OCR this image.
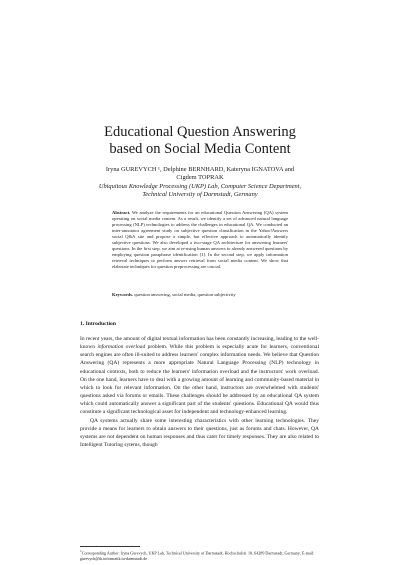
Educational Question Answering
based on Social Media Content
Iryna GUREVYCH ¹, Delphine BERNHARD, Kateryna IGNATOVA and
Cigdem TOPRAK
Ubiquitous Knowledge Processing (UKP) Lab, Computer Science Department,
Technical University of Darmstadt, Germany
Abstract. We analyze the requirements for an educational Question Answering (QA) system operating on social media content. As a result, we identify a set of advanced natural language processing (NLP) technologies to address the challenges in educational QA. We conducted an inter-annotator agreement study on subjective question classification in the Yahoo!Answers social Q&A site and propose a simple, but effective approach to automatically identify subjective questions. We also developed a two-stage QA architecture for answering learners' questions. In the first step, we aim at re-using human answers to already answered questions by employing question paraphrase identification [1]. In the second step, we apply information retrieval techniques to perform answer retrieval from social media content. We show that elaborate techniques for question preprocessing are crucial.
Keywords. question answering, social media, question subjectivity
1. Introduction

In recent years, the amount of digital textual information has been constantly increasing, leading to the well-known information overload problem. While this problem is especially acute for learners, conventional search engines are often ill-suited to address learners' complex information needs. We believe that Question Answering (QA) represents a more appropriate Natural Language Processing (NLP) technology in educational contexts, both to reduce the learners' information overload and the instructors' work overload. On the one hand, learners have to deal with a growing amount of learning and community-based material in which to look for relevant information. On the other hand, instructors are overwhelmed with students' questions asked via forums or emails. These challenges should be addressed by an educational QA system which could automatically answer a significant part of the students' questions. Educational QA would thus constitute a significant technological asset for independent and technology-enhanced learning.

QA systems actually share some interesting characteristics with other learning technologies. They provide a means for learners to obtain answers to their questions, just as forums and chats. However, QA systems are not dependent on human responses and thus cater for timely responses. They are also related to Intelligent Tutoring sytems, though

1Corresponding Author: Iryna Gurevych, UKP Lab, Technical University of Darmstadt, Hochschulstr. 10, 64289 Darmstadt, Germany; E-mail: gurevych@tk.informatik.tu-darmstadt.de
